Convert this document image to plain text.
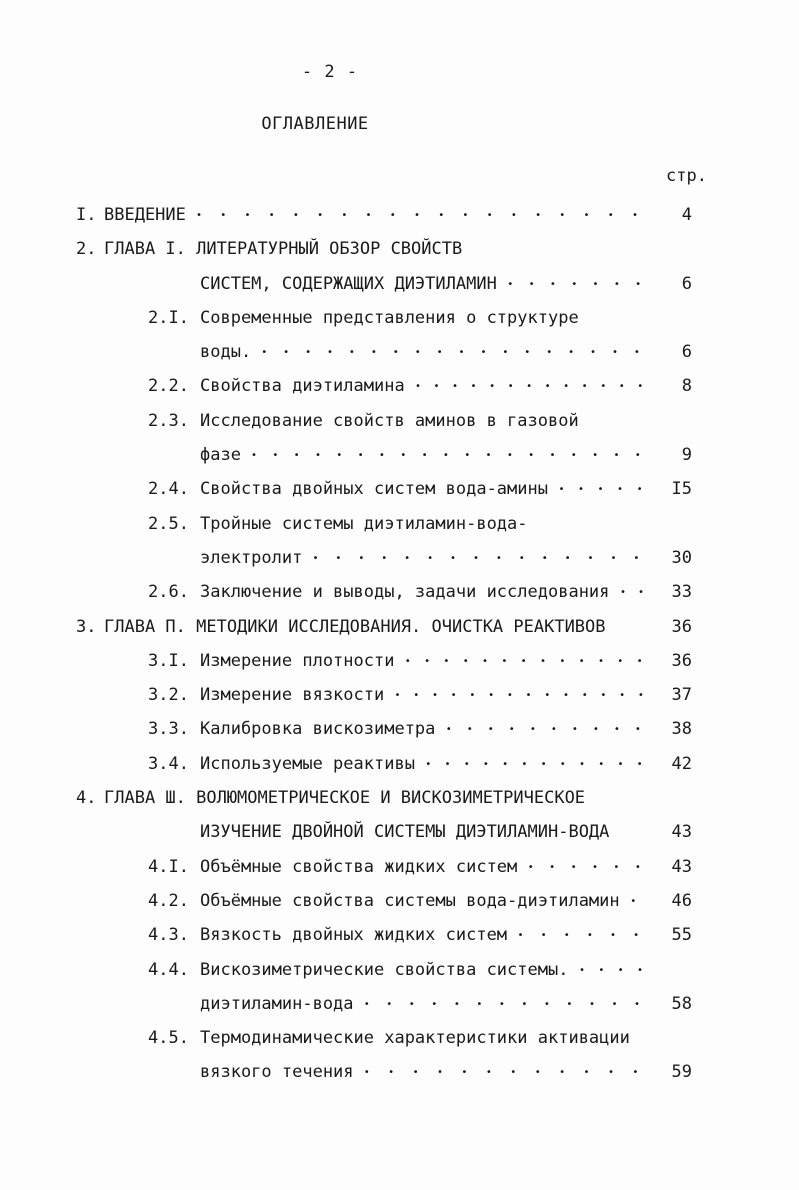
- 2 -
ОГЛАВЛЕНИЕ
стр.
I. ВВЕДЕНИЕ •••••••••••••••••••	4
2. ГЛАВА I. ЛИТЕРАТУРНЫЙ ОБЗОР СВОЙСТВ
СИСТЕМ, СОДЕРЖАЩИХ ДИЭТИЛАМИН •••••••	6
2.I. Современные представления о структуре
воды. ••••••••••••••••••	6
2.2. Свойства диэтиламина •••••••••••••	8
2.3. Исследование свойств аминов в газовой
фазе •••••••••••••••••••	9
2.4. Свойства двойных систем вода-амины ••••• I5
2.5. Тройные системы диэтиламин-вода-
электролит ••••••••••••••• 30
2.6. Заключение и выводы, задачи исследования •• 33
3. ГЛАВА П. МЕТОДИКИ ИССЛЕДОВАНИЯ. ОЧИСТКА РЕАКТИВОВ	36
3.I. Измерение плотности ••••••••••••• 36
3.2. Измерение вязкости •••••••••••••• 37
3.3. Калибровка вискозиметра •••••••••• 38
3.4. Используемые реактивы •••••••••••• 42
4. ГЛАВА Ш. ВОЛЮМОМЕТРИЧЕСКОЕ И ВИСКОЗИМЕТРИЧЕСКОЕ
ИЗУЧЕНИЕ ДВОЙНОЙ СИСТЕМЫ ДИЭТИЛАМИН-ВОДА	43
4.I. Объёмные свойства жидких систем •••••• 43
4.2. Объёмные свойства системы вода-диэтиламин • 46
4.3. Вязкость двойных жидких систем •••••• 55
4.4. Вискозиметрические свойства системы. ••••
диэтиламин-вода ••••••••••••• 58
4.5. Термодинамические характеристики активации
вязкого течения •••••••••••• 59
